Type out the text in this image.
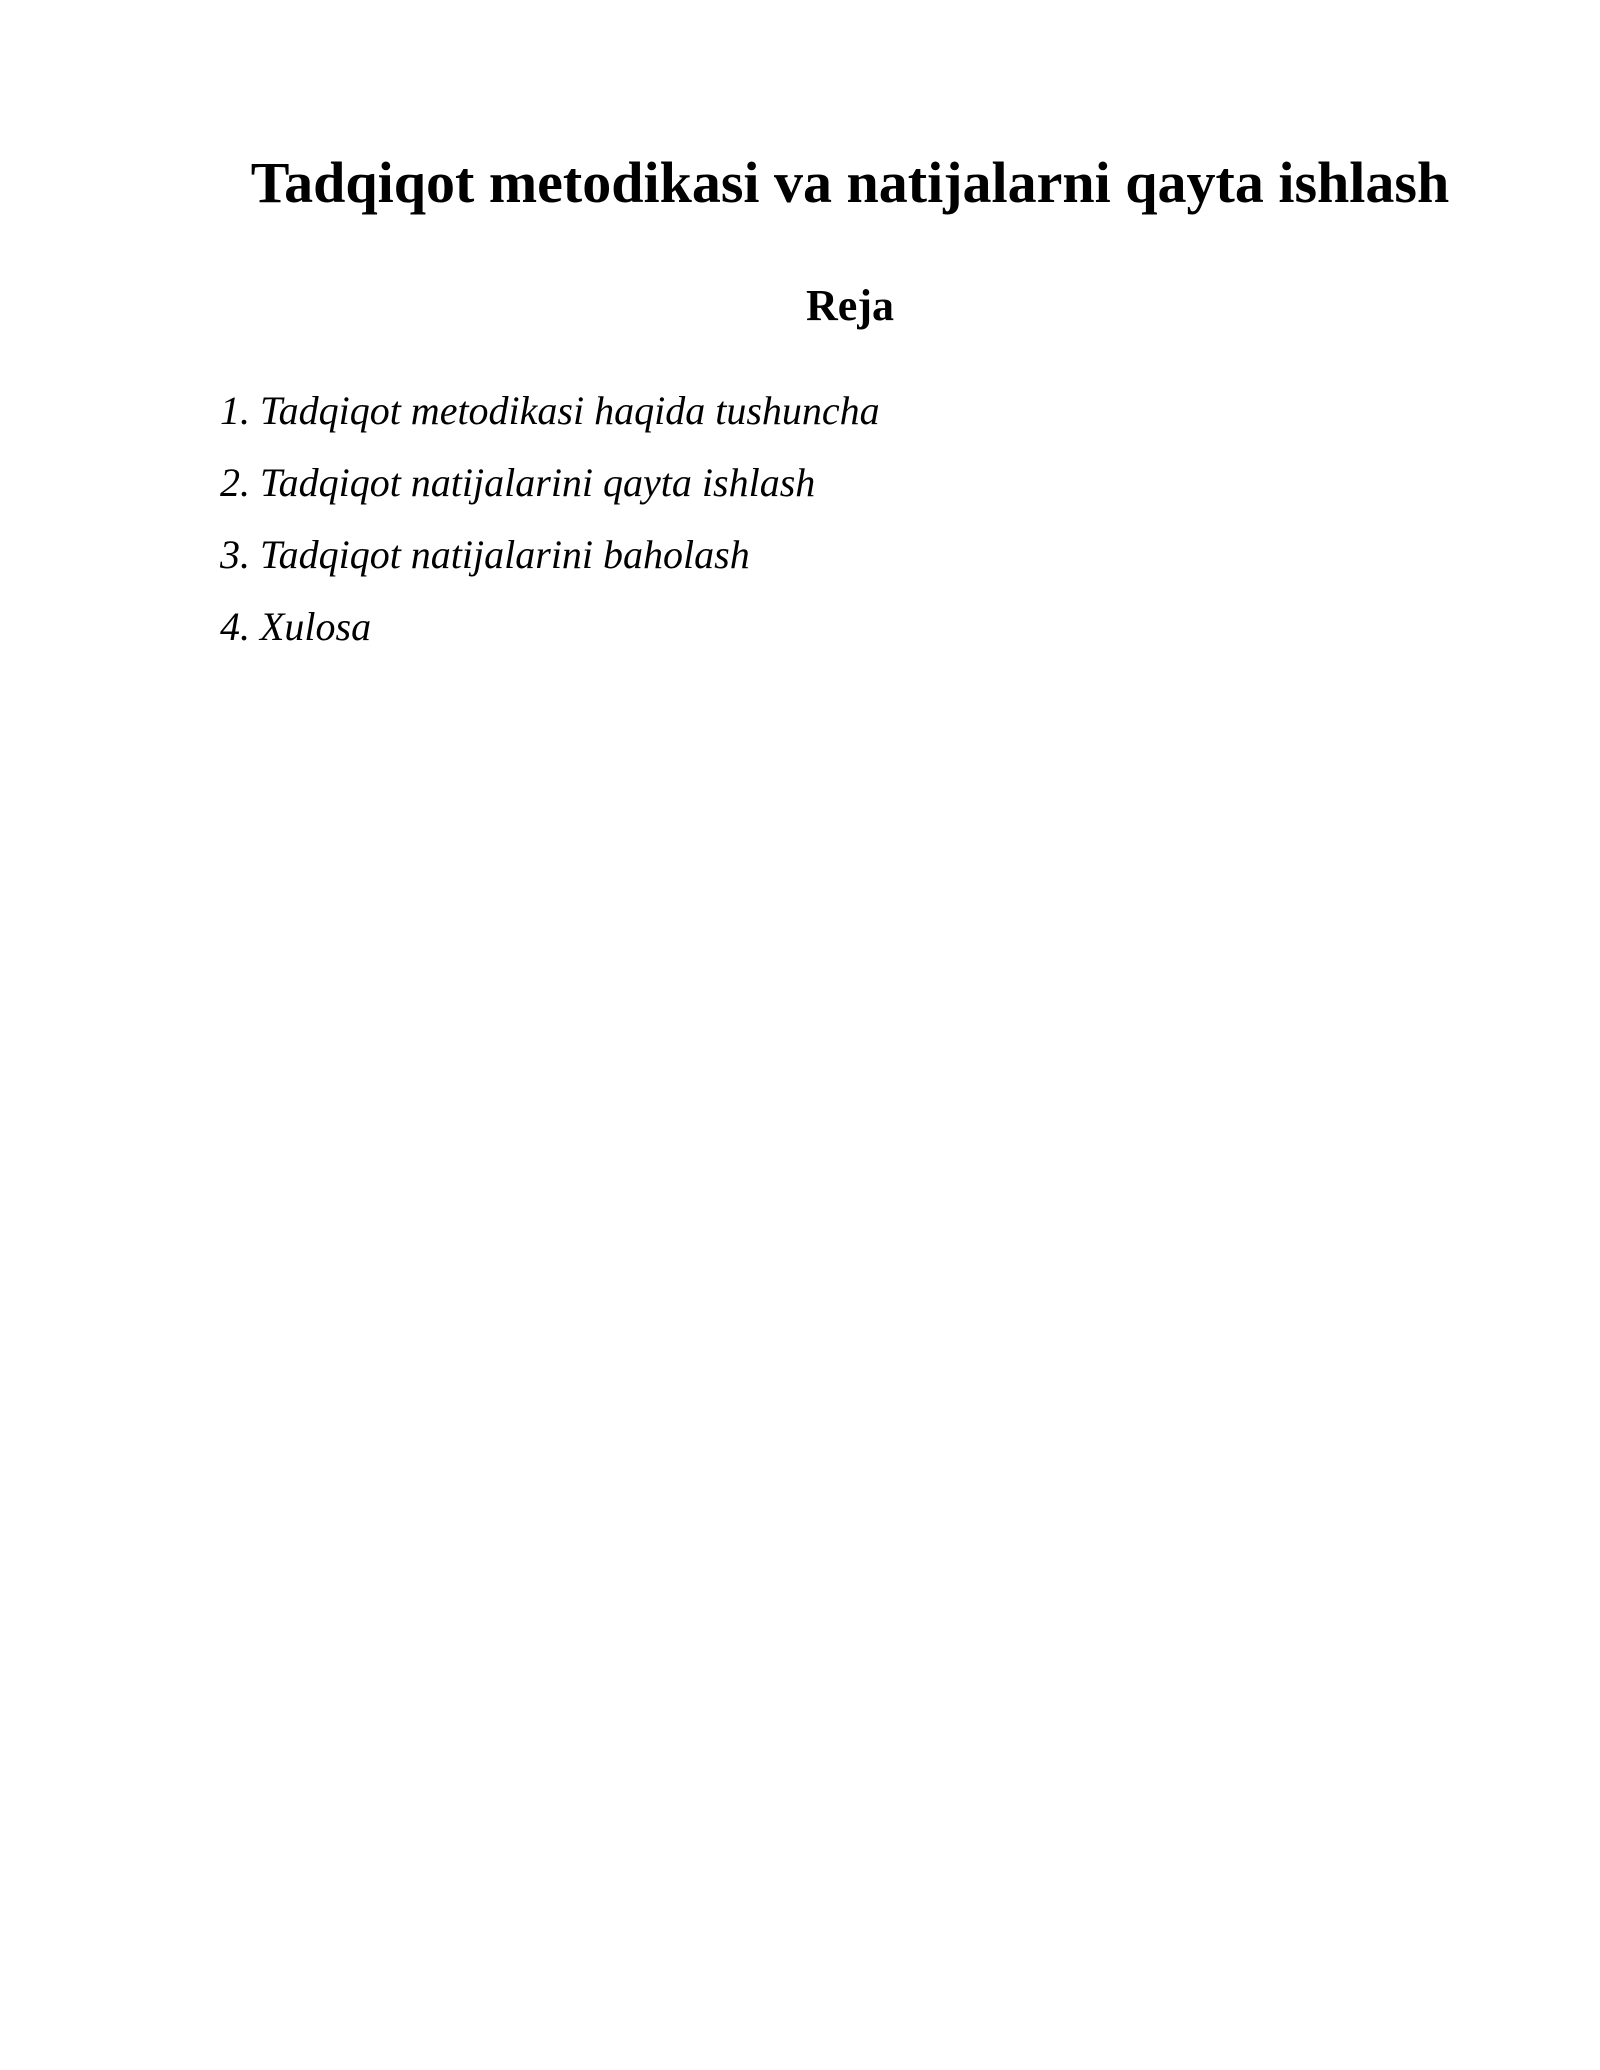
Tadqiqot metodikasi va natijalarni qayta ishlash
Reja
1. Tadqiqot metodikasi haqida tushuncha
2. Tadqiqot natijalarini qayta ishlash
3. Tadqiqot natijalarini baholash
4. Xulosa
